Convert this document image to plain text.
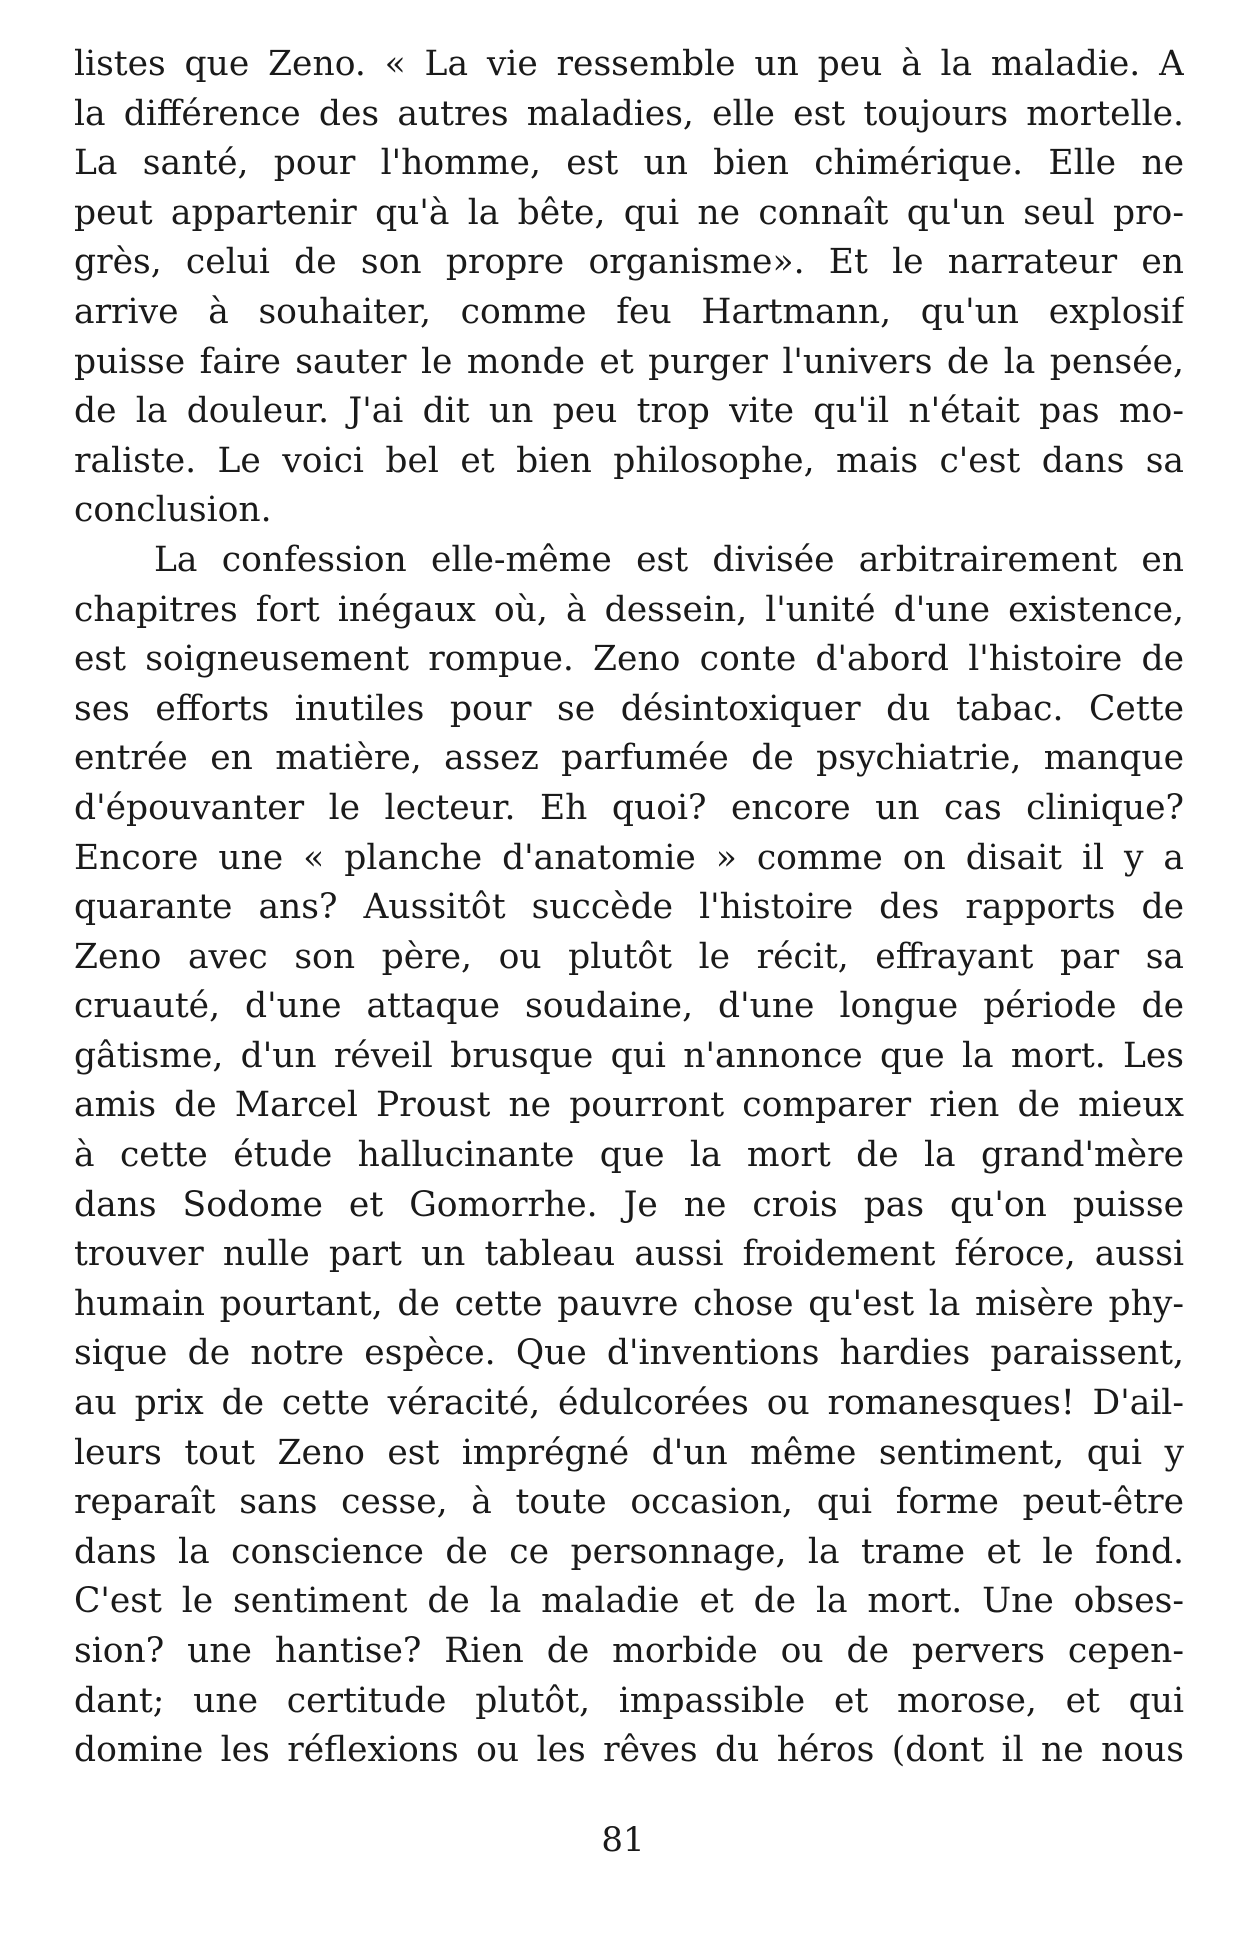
listes que Zeno. « La vie ressemble un peu à la maladie. A
la différence des autres maladies, elle est toujours mortelle.
La santé, pour l'homme, est un bien chimérique. Elle ne
peut appartenir qu'à la bête, qui ne connaît qu'un seul pro-
grès, celui de son propre organisme». Et le narrateur en
arrive à souhaiter, comme feu Hartmann, qu'un explosif
puisse faire sauter le monde et purger l'univers de la pensée,
de la douleur. J'ai dit un peu trop vite qu'il n'était pas mo-
raliste. Le voici bel et bien philosophe, mais c'est dans sa
conclusion.
La confession elle-même est divisée arbitrairement en
chapitres fort inégaux où, à dessein, l'unité d'une existence,
est soigneusement rompue. Zeno conte d'abord l'histoire de
ses efforts inutiles pour se désintoxiquer du tabac. Cette
entrée en matière, assez parfumée de psychiatrie, manque
d'épouvanter le lecteur. Eh quoi? encore un cas clinique?
Encore une « planche d'anatomie » comme on disait il y a
quarante ans? Aussitôt succède l'histoire des rapports de
Zeno avec son père, ou plutôt le récit, effrayant par sa
cruauté, d'une attaque soudaine, d'une longue période de
gâtisme, d'un réveil brusque qui n'annonce que la mort. Les
amis de Marcel Proust ne pourront comparer rien de mieux
à cette étude hallucinante que la mort de la grand'mère
dans Sodome et Gomorrhe. Je ne crois pas qu'on puisse
trouver nulle part un tableau aussi froidement féroce, aussi
humain pourtant, de cette pauvre chose qu'est la misère phy-
sique de notre espèce. Que d'inventions hardies paraissent,
au prix de cette véracité, édulcorées ou romanesques! D'ail-
leurs tout Zeno est imprégné d'un même sentiment, qui y
reparaît sans cesse, à toute occasion, qui forme peut-être
dans la conscience de ce personnage, la trame et le fond.
C'est le sentiment de la maladie et de la mort. Une obses-
sion? une hantise? Rien de morbide ou de pervers cepen-
dant; une certitude plutôt, impassible et morose, et qui
domine les réflexions ou les rêves du héros (dont il ne nous
81
